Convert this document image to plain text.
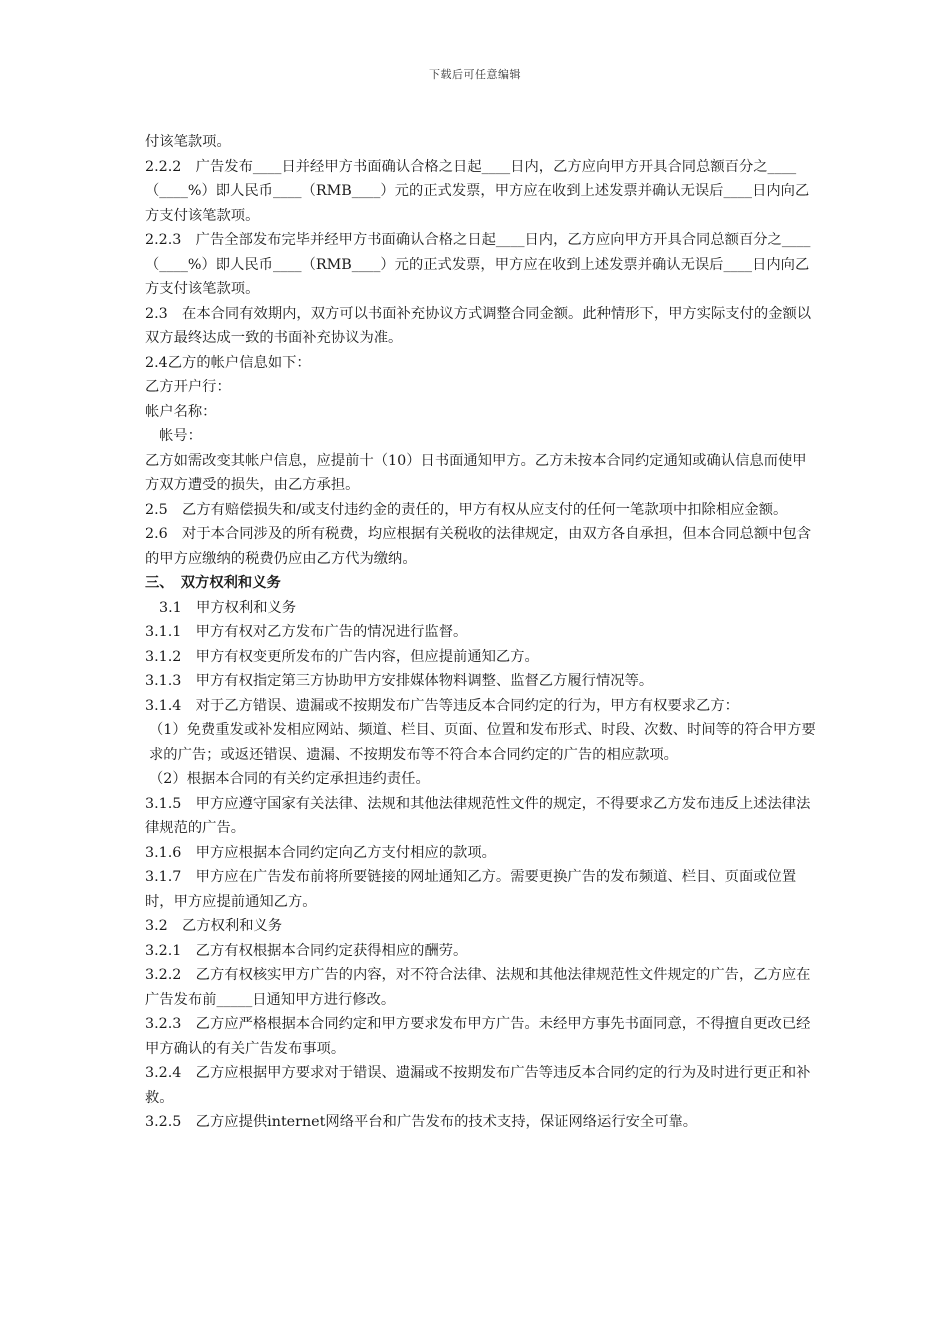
下载后可任意编辑

付该笔款项。

2.2.2　广告发布____日并经甲方书面确认合格之日起____日内，乙方应向甲方开具合同总额百分之____（____%）即人民币____（RMB____）元的正式发票，甲方应在收到上述发票并确认无误后____日内向乙方支付该笔款项。

2.2.3　广告全部发布完毕并经甲方书面确认合格之日起____日内，乙方应向甲方开具合同总额百分之____（____%）即人民币____（RMB____）元的正式发票，甲方应在收到上述发票并确认无误后____日内向乙方支付该笔款项。

2.3　在本合同有效期内，双方可以书面补充协议方式调整合同金额。此种情形下，甲方实际支付的金额以双方最终达成一致的书面补充协议为准。

2.4乙方的帐户信息如下：

乙方开户行：

帐户名称：

帐号：

乙方如需改变其帐户信息，应提前十（10）日书面通知甲方。乙方未按本合同约定通知或确认信息而使甲方双方遭受的损失，由乙方承担。

2.5　乙方有赔偿损失和/或支付违约金的责任的，甲方有权从应支付的任何一笔款项中扣除相应金额。

2.6　对于本合同涉及的所有税费，均应根据有关税收的法律规定，由双方各自承担，但本合同总额中包含的甲方应缴纳的税费仍应由乙方代为缴纳。

三、　双方权利和义务

3.1　甲方权利和义务

3.1.1　甲方有权对乙方发布广告的情况进行监督。

3.1.2　甲方有权变更所发布的广告内容，但应提前通知乙方。

3.1.3　甲方有权指定第三方协助甲方安排媒体物料调整、监督乙方履行情况等。

3.1.4　对于乙方错误、遗漏或不按期发布广告等违反本合同约定的行为，甲方有权要求乙方：

（1）免费重发或补发相应网站、频道、栏目、页面、位置和发布形式、时段、次数、时间等的符合甲方要求的广告；或返还错误、遗漏、不按期发布等不符合本合同约定的广告的相应款项。

（2）根据本合同的有关约定承担违约责任。

3.1.5　甲方应遵守国家有关法律、法规和其他法律规范性文件的规定，不得要求乙方发布违反上述法律法律规范的广告。

3.1.6　甲方应根据本合同约定向乙方支付相应的款项。

3.1.7　甲方应在广告发布前将所要链接的网址通知乙方。需要更换广告的发布频道、栏目、页面或位置时，甲方应提前通知乙方。

3.2　乙方权利和义务

3.2.1　乙方有权根据本合同约定获得相应的酬劳。

3.2.2　乙方有权核实甲方广告的内容，对不符合法律、法规和其他法律规范性文件规定的广告，乙方应在广告发布前_____日通知甲方进行修改。

3.2.3　乙方应严格根据本合同约定和甲方要求发布甲方广告。未经甲方事先书面同意，不得擅自更改已经甲方确认的有关广告发布事项。

3.2.4　乙方应根据甲方要求对于错误、遗漏或不按期发布广告等违反本合同约定的行为及时进行更正和补救。

3.2.5　乙方应提供internet网络平台和广告发布的技术支持，保证网络运行安全可靠。
